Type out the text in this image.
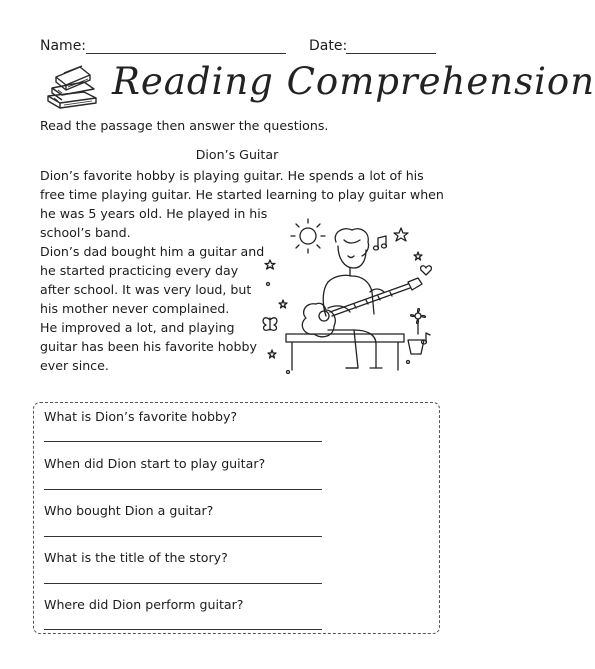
Name:	Date:
Reading Comprehension
Read the passage then answer the questions.
Dion’s Guitar
Dion’s favorite hobby is playing guitar. He spends a lot of his
free time playing guitar. He started learning to play guitar when
he was 5 years old. He played in his
school’s band.
Dion’s dad bought him a guitar and
he started practicing every day
after school. It was very loud, but
his mother never complained.
He improved a lot, and playing
guitar has been his favorite hobby
ever since.
What is Dion’s favorite hobby?
When did Dion start to play guitar?
Who bought Dion a guitar?
What is the title of the story?
Where did Dion perform guitar?
